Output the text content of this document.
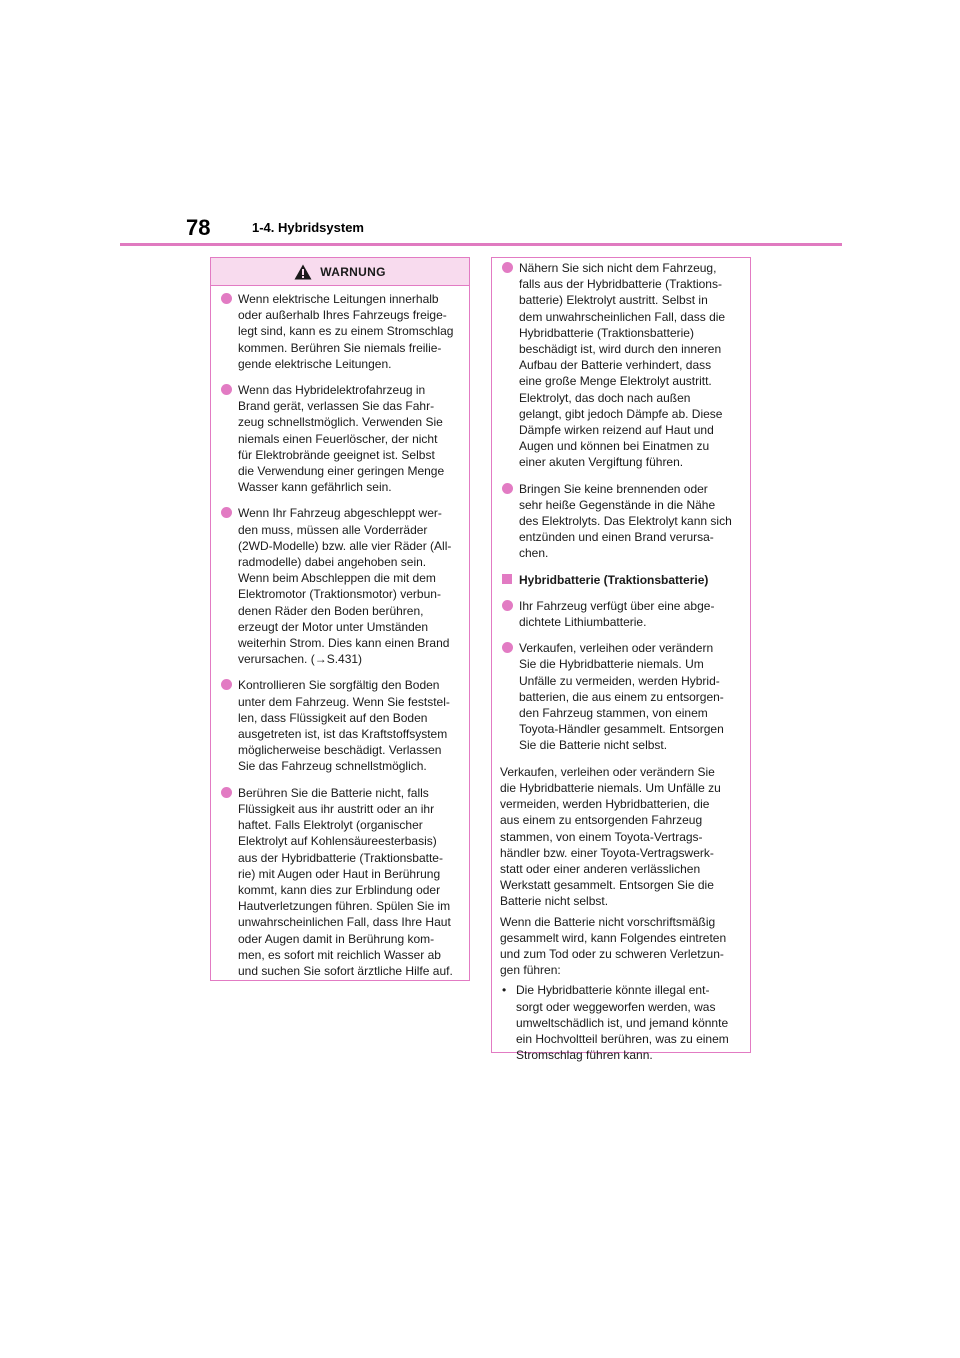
78	1-4. Hybridsystem
WARNUNG
Wenn elektrische Leitungen innerhalb
oder außerhalb Ihres Fahrzeugs freige-
legt sind, kann es zu einem Stromschlag
kommen. Berühren Sie niemals freilie-
gende elektrische Leitungen.
Wenn das Hybridelektrofahrzeug in
Brand gerät, verlassen Sie das Fahr-
zeug schnellstmöglich. Verwenden Sie
niemals einen Feuerlöscher, der nicht
für Elektrobrände geeignet ist. Selbst
die Verwendung einer geringen Menge
Wasser kann gefährlich sein.
Wenn Ihr Fahrzeug abgeschleppt wer-
den muss, müssen alle Vorderräder
(2WD-Modelle) bzw. alle vier Räder (All-
radmodelle) dabei angehoben sein.
Wenn beim Abschleppen die mit dem
Elektromotor (Traktionsmotor) verbun-
denen Räder den Boden berühren,
erzeugt der Motor unter Umständen
weiterhin Strom. Dies kann einen Brand
verursachen. (→S.431)
Kontrollieren Sie sorgfältig den Boden
unter dem Fahrzeug. Wenn Sie feststel-
len, dass Flüssigkeit auf den Boden
ausgetreten ist, ist das Kraftstoffsystem
möglicherweise beschädigt. Verlassen
Sie das Fahrzeug schnellstmöglich.
Berühren Sie die Batterie nicht, falls
Flüssigkeit aus ihr austritt oder an ihr
haftet. Falls Elektrolyt (organischer
Elektrolyt auf Kohlensäureesterbasis)
aus der Hybridbatterie (Traktionsbatte-
rie) mit Augen oder Haut in Berührung
kommt, kann dies zur Erblindung oder
Hautverletzungen führen. Spülen Sie im
unwahrscheinlichen Fall, dass Ihre Haut
oder Augen damit in Berührung kom-
men, es sofort mit reichlich Wasser ab
und suchen Sie sofort ärztliche Hilfe auf.
Nähern Sie sich nicht dem Fahrzeug,
falls aus der Hybridbatterie (Traktions-
batterie) Elektrolyt austritt. Selbst in
dem unwahrscheinlichen Fall, dass die
Hybridbatterie (Traktionsbatterie)
beschädigt ist, wird durch den inneren
Aufbau der Batterie verhindert, dass
eine große Menge Elektrolyt austritt.
Elektrolyt, das doch nach außen
gelangt, gibt jedoch Dämpfe ab. Diese
Dämpfe wirken reizend auf Haut und
Augen und können bei Einatmen zu
einer akuten Vergiftung führen.
Bringen Sie keine brennenden oder
sehr heiße Gegenstände in die Nähe
des Elektrolyts. Das Elektrolyt kann sich
entzünden und einen Brand verursa-
chen.
Hybridbatterie (Traktionsbatterie)
Ihr Fahrzeug verfügt über eine abge-
dichtete Lithiumbatterie.
Verkaufen, verleihen oder verändern
Sie die Hybridbatterie niemals. Um
Unfälle zu vermeiden, werden Hybrid-
batterien, die aus einem zu entsorgen-
den Fahrzeug stammen, von einem
Toyota-Händler gesammelt. Entsorgen
Sie die Batterie nicht selbst.
Verkaufen, verleihen oder verändern Sie
die Hybridbatterie niemals. Um Unfälle zu
vermeiden, werden Hybridbatterien, die
aus einem zu entsorgenden Fahrzeug
stammen, von einem Toyota-Vertrags-
händler bzw. einer Toyota-Vertragswerk-
statt oder einer anderen verlässlichen
Werkstatt gesammelt. Entsorgen Sie die
Batterie nicht selbst.
Wenn die Batterie nicht vorschriftsmäßig
gesammelt wird, kann Folgendes eintreten
und zum Tod oder zu schweren Verletzun-
gen führen:
• Die Hybridbatterie könnte illegal ent-
sorgt oder weggeworfen werden, was
umweltschädlich ist, und jemand könnte
ein Hochvoltteil berühren, was zu einem
Stromschlag führen kann.
